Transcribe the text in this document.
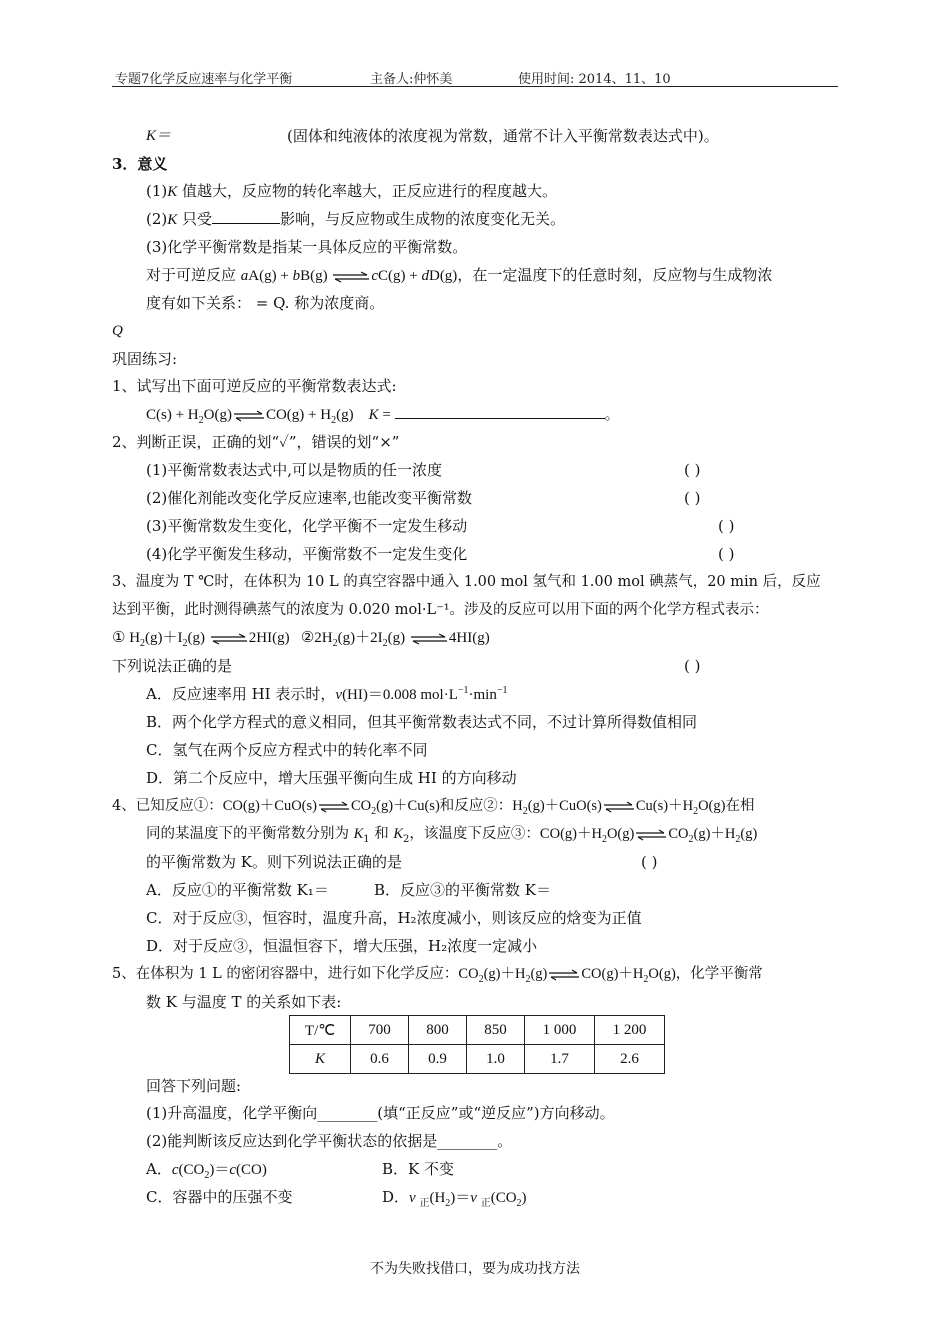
专题7化学反应速率与化学平衡	主备人:仲怀美	使用时间: 2014、11、10
K＝	(固体和纯液体的浓度视为常数，通常不计入平衡常数表达式中)。
3．意义
(1)K 值越大，反应物的转化率越大，正反应进行的程度越大。
(2)K 只受	影响，与反应物或生成物的浓度变化无关。
(3)化学平衡常数是指某一具体反应的平衡常数。
对于可逆反应 aA(g) + bB(g) ⇌cC(g) + dD(g)，在一定温度下的任意时刻，反应物与生成物浓
度有如下关系： = Q. 称为浓度商。
Q
巩固练习:
1、试写出下面可逆反应的平衡常数表达式:
$C(s) + H_2O(g) CO(g) + H_2(g)$    K =	。
2、判断正误，正确的划“✓”，错误的划“×”
(1)平衡常数表达式中,可以是物质的任一浓度	( )
(2)催化剂能改变化学反应速率,也能改变平衡常数	( )
(3)平衡常数发生变化，化学平衡不一定发生移动	( )
(4)化学平衡发生移动，平衡常数不一定发生变化	( )
3、温度为 T ℃时，在体积为 10 L 的真空容器中通入 1.00 mol 氢气和 1.00 mol 碘蒸气，20 min 后，反应
达到平衡，此时测得碘蒸气的浓度为 0.020 mol·L⁻¹。涉及的反应可以用下面的两个化学方程式表示：
① $H_2(g)+I_2(g)$	2HI(g)   $②2H_2(g)+2I_2(g)$	4HI(g)
下列说法正确的是	( )
A．反应速率用 HI 表示时，v(HI)＝0.008 $mol\cdot L^{-1}\cdot\min^{-1}$
B．两个化学方程式的意义相同，但其平衡常数表达式不同，不过计算所得数值相同
C．氢气在两个反应方程式中的转化率不同
D．第二个反应中，增大压强平衡向生成 HI 的方向移动
4、已知反应①：CO(g)＋CuO(s) $CO_2(g)+Cu(s)$和反应②：$H_2(g)+CuO(s)$ $Cu(s)+H_2O(g)$在相
同的某温度下的平衡常数分别为 $K_1$ 和 $K_2$，该温度下反应③：$CO(g)+H_2O(g)$ $CO_2(g)+H_2(g)$
的平衡常数为 K。则下列说法正确的是	( )
A．反应①的平衡常数 K₁＝	B．反应③的平衡常数 K＝
C．对于反应③，恒容时，温度升高，H₂浓度减小，则该反应的焓变为正值
D．对于反应③，恒温恒容下，增大压强，H₂浓度一定减小
5、在体积为 1 L 的密闭容器中，进行如下化学反应：$CO_2(g)+H_2(g)$ $CO(g)+H_2O(g)$，化学平衡常
数 K 与温度 T 的关系如下表:
T/℃	700	800	850	1 000	1 200
K	0.6	0.9	1.0	1.7	2.6
回答下列问题:
(1)升高温度，化学平衡向________(填“正反应”或“逆反应”)方向移动。
(2)能判断该反应达到化学平衡状态的依据是________。
A．$c(CO_2)=c(CO)$	B．K 不变
C．容器中的压强不变	D．v $_正(H_2)=v$ $_正(CO_2)$
不为失败找借口，要为成功找方法
